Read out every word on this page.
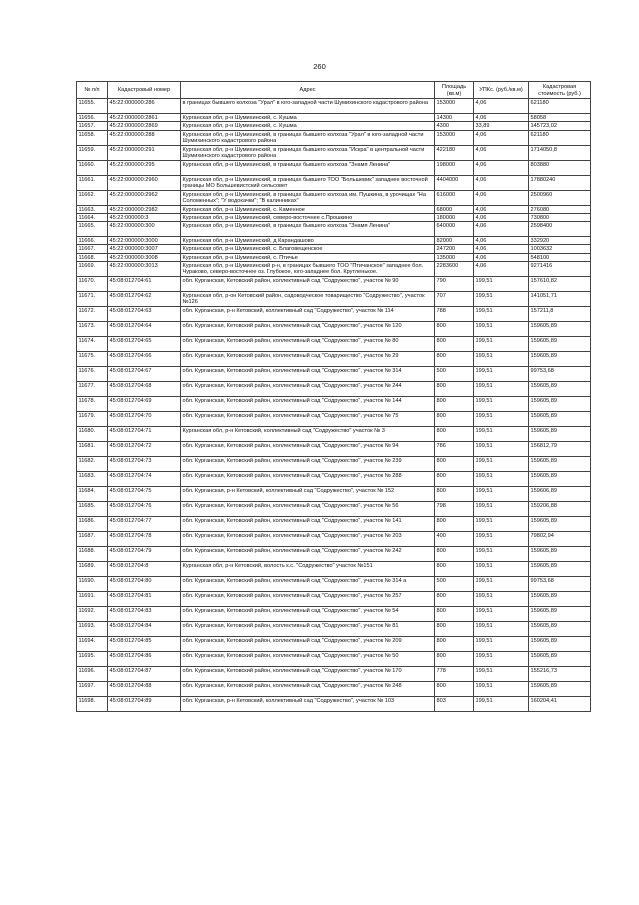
260
№ п/п	Кадастровый номер	Адрес	Площадь (кв.м)	УПКс. (руб./кв.м)	Кадастровая стоимость (руб.)
11655.	45:22:000000:286	в границах бывшего колхоза "Урал" в юго-западной части Шумихинского кадастрового района	153000	4,06	621180
11656.	45:22:000000:2861	Курганская обл, р-н Шумихинский, с. Кушма	14300	4,06	58058
11657.	45:22:000000:2869	Курганская обл, р-н Шумихинский, с. Кушма	4300	33,89	145723,02
11658.	45:22:000000:288	Курганская обл, р-н Шумихинский, в границах бывшего колхоза "Урал" в юго-западной части Шумихинского кадастрового района	153000	4,06	621180
11659.	45:22:000000:291	Курганская обл, р-н Шумихинский, в границах бывшего колхоза "Искра" в центральной части Шумихинского кадастрового района	422180	4,06	1714050,8
11660.	45:22:000000:295	Курганская обл, р-н Шумихинский, в границах бывшего колхоза "Знамя Ленина"	198000	4,06	803880
11661.	45:22:000000:2960	Курганская обл, р-н Шумихинский, в границах бывшего ТОО "Большевик" западнее восточной границы МО Большевистский сельсовет	4404000	4,06	17880240
11662.	45:22:000000:2962	Курганская обл, р-н Шумихинский, в границах бывшего колхоза им. Пушкина, в урочищах "На Соломенных"; "У водокачки"; "В калинниках"	616000	4,06	2500960
11663.	45:22:000000:2982	Курганская обл, р-н Шумихинский, с. Каменное	68000	4,06	276080
11664.	45:22:000000:3	Курганская обл, р-н Шумихинский, северо-восточнее с.Прошкино	180000	4,06	730800
11665.	45:22:000000:300	Курганская обл, р-н Шумихинский, в границах бывшего колхоза "Знамя Ленина"	640000	4,06	2598400
11666.	45:22:000000:3000	Курганская обл, р-н Шумихинский, д Карандашово	82000	4,06	332920
11667.	45:22:000000:3007	Курганская обл, р-н Шумихинский, с. Благовещенское	247200	4,06	1003632
11668.	45:22:000000:3008	Курганская обл, р-н Шумихинский, с. Птичье	135000	4,06	548100
11669.	45:22:000000:3013	Курганская обл, р-н Шумихинский р-н, в границах бывшего ТОО "Птичанское" западнее бол. Чураково, северо-восточнее оз. Глубокое, юго-западнее бол. Крутленькое.	2283600	4,06	9271416
11670.	45:08:012704:61	обл. Курганская, Кетовский район, коллективный сад "Содружество", участок № 90	790	199,51	157610,82
11671.	45:08:012704:62	Курганская обл, р-он Кетовский район, садоводческое товарищество "Содружество", участок №126	707	199,51	141051,71
11672.	45:08:012704:63	обл. Курганская, р-н Кетовский, коллективный сад "Содружество", участок № 114	788	199,51	157211,8
11673.	45:08:012704:64	обл. Курганская, Кетовский район, коллективный сад "Содружество", участок № 120	800	199,51	159605,89
11674.	45:08:012704:65	обл. Курганская, Кетовский район, коллективный сад "Содружество", участок № 80	800	199,51	159605,89
11675.	45:08:012704:66	обл. Курганская, Кетовский район, коллективный сад "Содружество", участок № 29	800	199,51	159605,89
11676.	45:08:012704:67	обл. Курганская, Кетовский район, коллективный сад "Содружество", участок № 314	500	199,51	99753,68
11677.	45:08:012704:68	обл. Курганская, Кетовский район, коллективный сад "Содружество", участок № 244	800	199,51	159605,89
11678.	45:08:012704:69	обл. Курганская, Кетовский район, коллективный сад "Содружество", участок № 144	800	199,51	159605,89
11679.	45:08:012704:70	обл. Курганская, Кетовский район, коллективный сад "Содружество", участок № 75	800	199,51	159605,89
11680.	45:08:012704:71	Курганская обл, р-н Кетовский, коллективный сад "Содружество" участок № 3	800	199,51	159605,89
11681.	45:08:012704:72	обл. Курганская, Кетовский район, коллективный сад "Содружество", участок № 94	786	199,51	156812,79
11682.	45:08:012704:73	обл. Курганская, Кетовский район, коллективный сад "Содружество", участок № 239	800	199,51	159605,89
11683.	45:08:012704:74	обл. Курганская, Кетовский район, коллективный сад "Содружество", участок № 288	800	199,51	159605,89
11684.	45:08:012704:75	обл. Курганская, р-н Кетовский, коллективный сад "Содружество", участок № 152	800	199,51	159606,89
11685.	45:08:012704:76	обл. Курганская, Кетовский район, коллективный сад "Содружество", участок № 56	798	199,51	159206,88
11686.	45:08:012704:77	обл. Курганская, Кетовский район, коллективный сад "Содружество", участок № 141	800	199,51	159605,89
11687.	45:08:012704:78	обл. Курганская, Кетовский район, коллективный сад "Содружество", участок № 203	400	199,51	79802,94
11688.	45:08:012704:79	обл. Курганская, Кетовский район, коллективный сад "Содружество", участок № 242	800	199,51	159605,89
11689.	45:08:012704:8	Курганская обл, р-н Кетовский, волость к.с. "Содружество" участок №151	800	199,51	159605,89
11690.	45:08:012704:80	обл. Курганская, Кетовский район, коллективный сад "Содружество", участок № 314 а	500	199,51	99753,68
11691.	45:08:012704:81	обл. Курганская, Кетовский район, коллективный сад "Содружество", участок № 257	800	199,51	159605,89
11692.	45:08:012704:83	обл. Курганская, Кетовский район, коллективный сад "Содружество", участок № 54	800	199,51	159605,89
11693.	45:08:012704:84	обл. Курганская, Кетовский район, коллективный сад "Содружество", участок № 81	800	199,51	159605,89
11694.	45:08:012704:85	обл. Курганская, Кетовский район, коллективный сад "Содружество", участок № 209	800	199,51	159605,89
11695.	45:08:012704:86	обл. Курганская, Кетовский район, коллективный сад "Содружество", участок № 50	800	199,51	159605,89
11696.	45:08:012704:87	обл. Курганская, Кетовский район, коллективный сад "Содружество", участок № 170	778	199,51	155216,73
11697.	45:08:012704:88	обл. Курганская, Кетовский район, коллективный сад "Содружество", участок № 248	800	199,51	159605,89
11698.	45:08:012704:89	обл. Курганская, р-н Кетовский, коллективный сад "Содружество", участок № 103	803	199,51	160204,41
